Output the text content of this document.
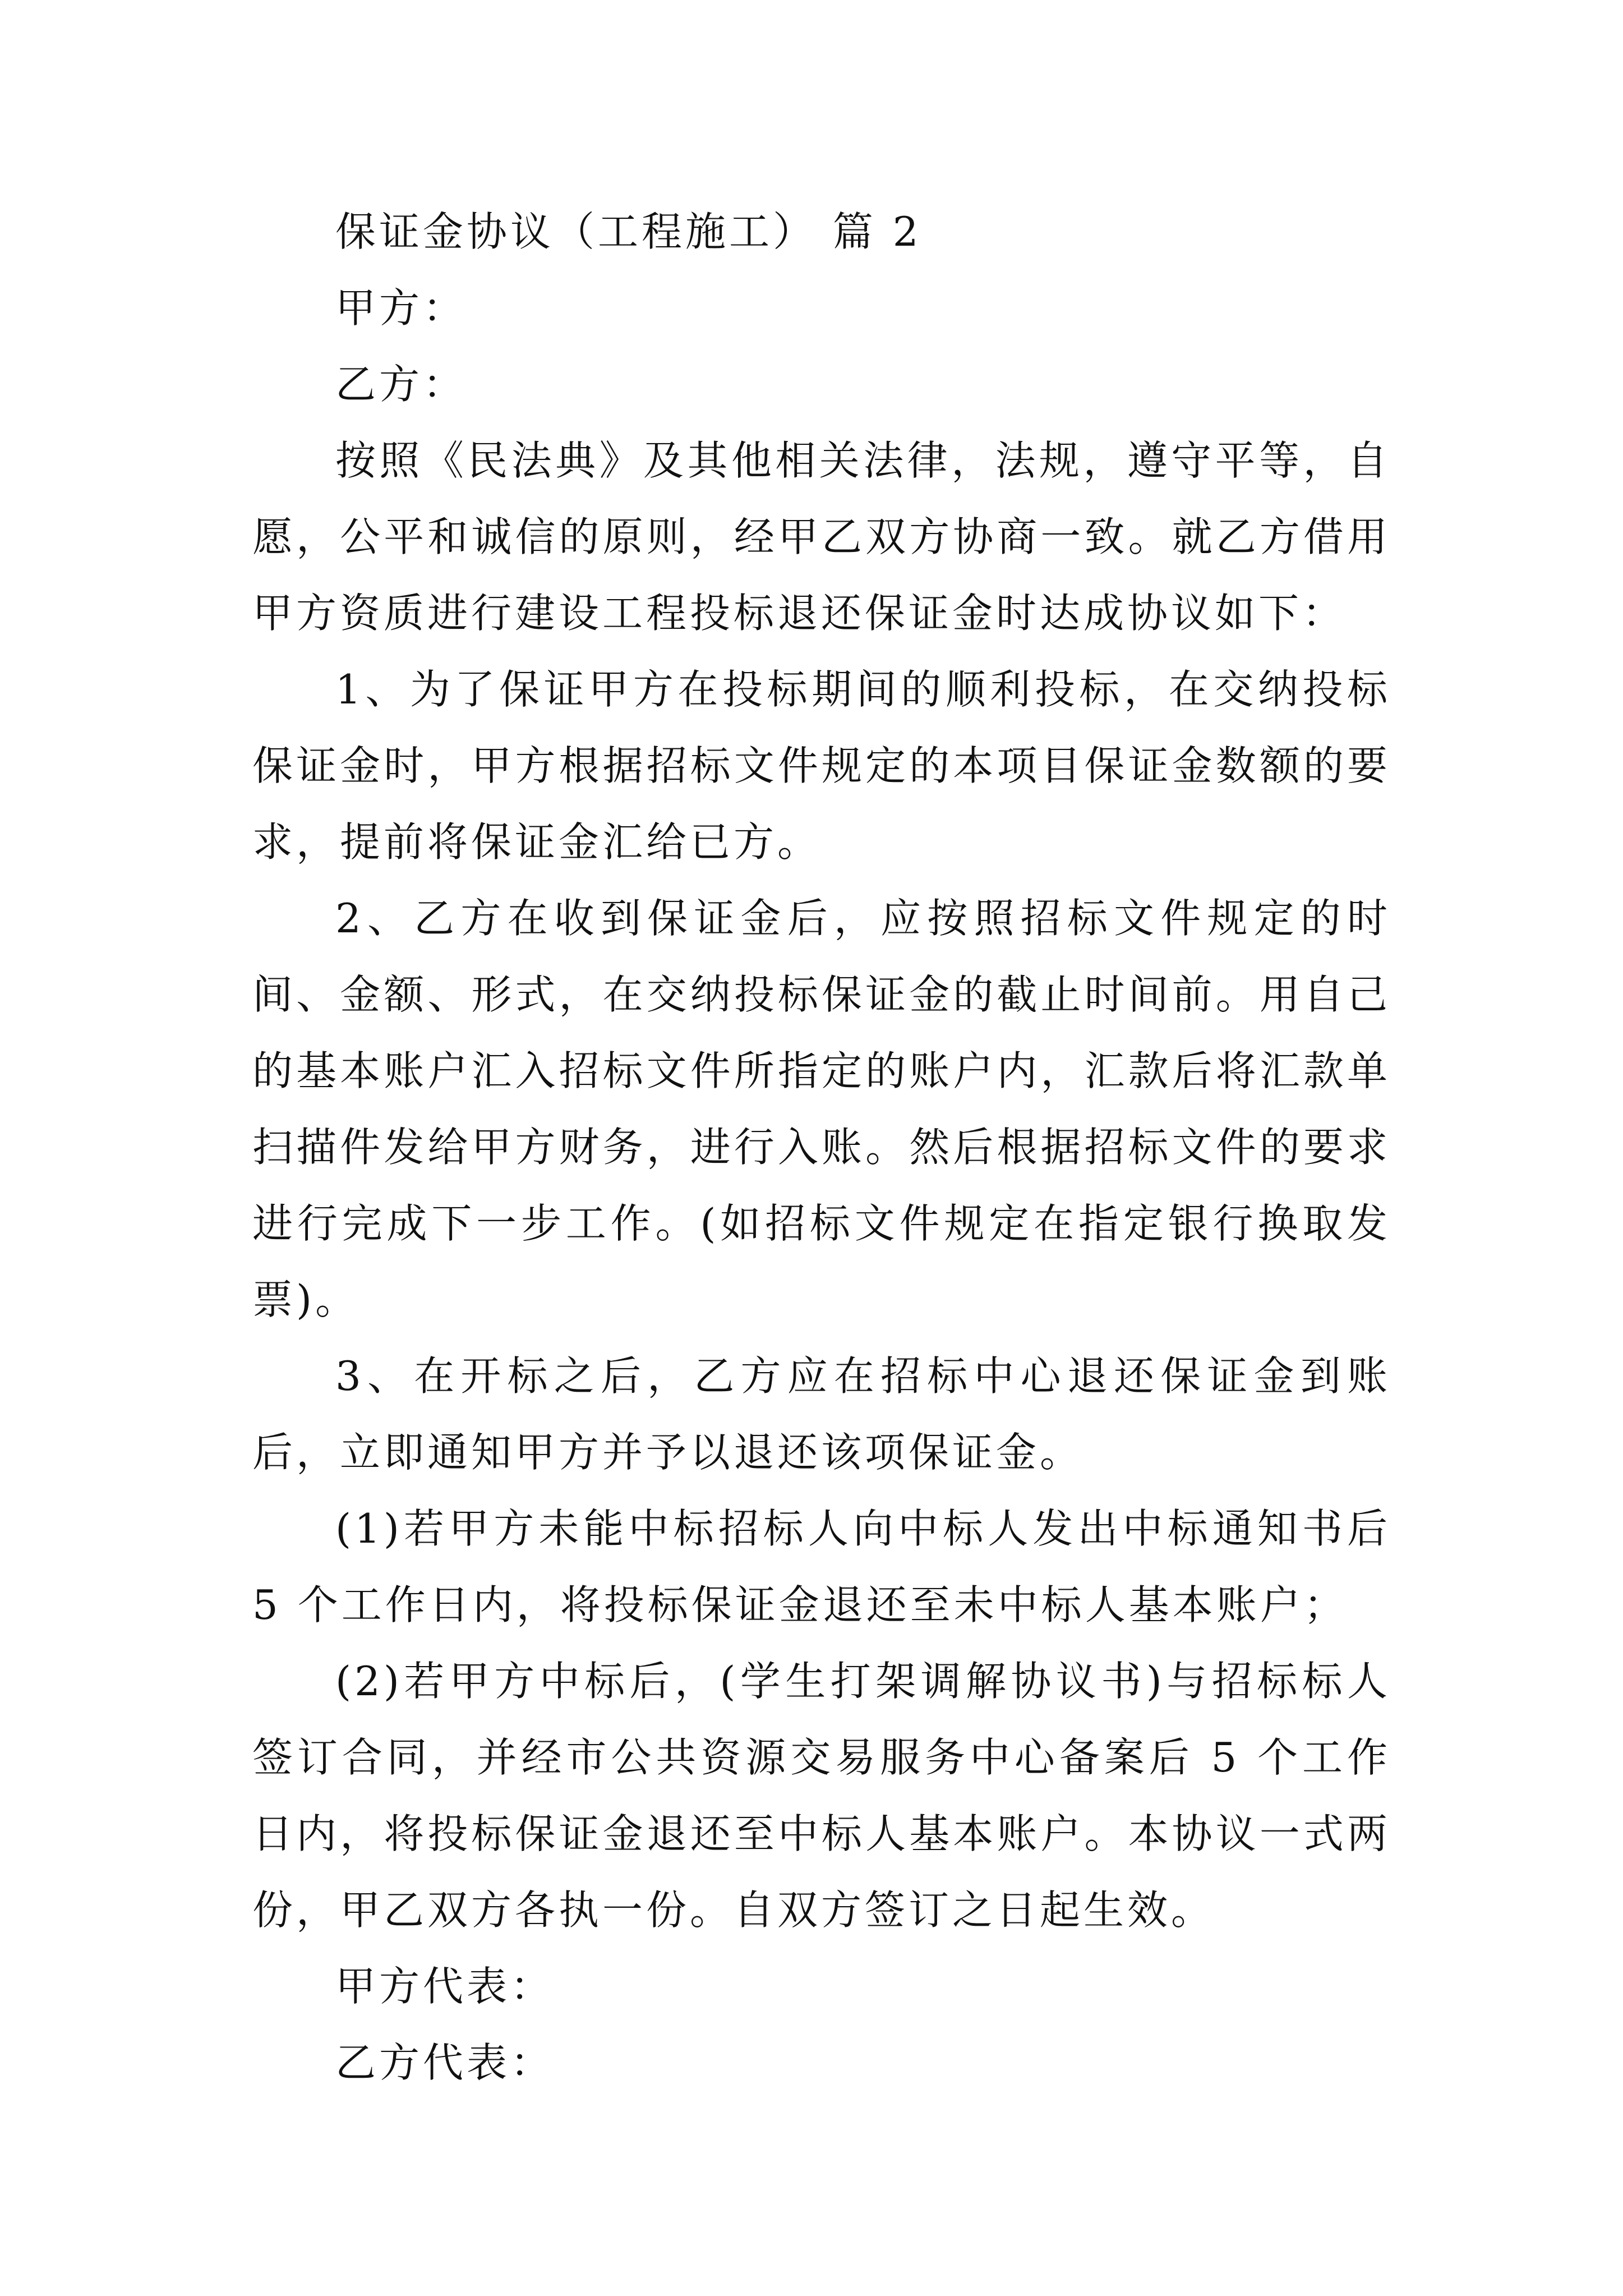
保证金协议（工程施工） 篇 2

甲方：

乙方：

按照《民法典》及其他相关法律，法规，遵守平等，自愿，公平和诚信的原则，经甲乙双方协商一致。就乙方借用甲方资质进行建设工程投标退还保证金时达成协议如下：

1、为了保证甲方在投标期间的顺利投标，在交纳投标保证金时，甲方根据招标文件规定的本项目保证金数额的要求，提前将保证金汇给已方。

2、乙方在收到保证金后，应按照招标文件规定的时间、金额、形式，在交纳投标保证金的截止时间前。用自己的基本账户汇入招标文件所指定的账户内，汇款后将汇款单扫描件发给甲方财务，进行入账。然后根据招标文件的要求进行完成下一步工作。(如招标文件规定在指定银行换取发票)。

3、在开标之后，乙方应在招标中心退还保证金到账后，立即通知甲方并予以退还该项保证金。

(1)若甲方未能中标招标人向中标人发出中标通知书后 5 个工作日内，将投标保证金退还至未中标人基本账户；

(2)若甲方中标后，(学生打架调解协议书)与招标标人签订合同，并经市公共资源交易服务中心备案后 5 个工作日内，将投标保证金退还至中标人基本账户。本协议一式两份，甲乙双方各执一份。自双方签订之日起生效。

甲方代表：

乙方代表：
